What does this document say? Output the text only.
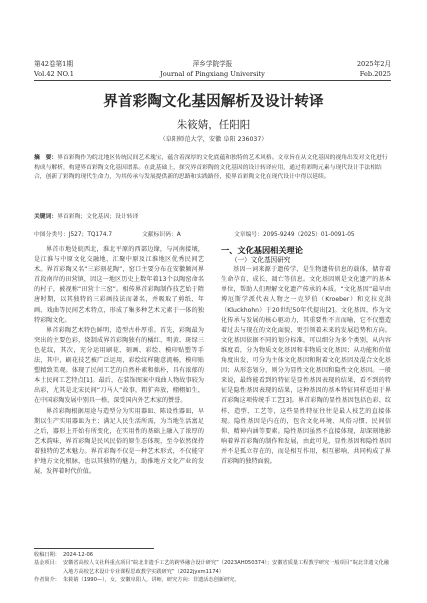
第42卷第1期	萍乡学院学报	2025年2月
Vol.42 NO.1	Journal of Pingxiang University	Feb.2025
界首彩陶文化基因解析及设计转译
朱筱婧，任阳阳
（阜阳师范大学，安徽 阜阳 236037）
摘　要：界首彩陶作为皖北地区传统民间艺术瑰宝，蕴含着深厚的文化底蕴和独特的艺术风格。文章旨在从文化基因的视角出发对文化进行构成与解析，构建界首彩陶文化基因谱系。在此基础上，探究界首彩陶的文化基因的设计转译应用，通过将彩陶元素与现代设计手法相结合，创新了彩陶的现代生命力，为其传承与发展提供新的思路和实践路径，使界首彩陶文化在现代设计中得以延续。
关键词：界首彩陶；文化基因；设计转译
中图分类号：J527；TQ174.7	文献标识码：A	文章编号：2095-9249（2025）01-0091-05

界首市地处皖西北，淮北平原的西部边缘，与河南接壤，是江淮与中原文化交融地，汇聚中原及江淮地区优秀民间艺术。界首彩陶又名“三彩刻花陶”，窑口主要分布在安徽颍河界首段南岸的田营镇，因这一地区历史上数年着13个以陶窑命名的村子，被视称“田营十三窑”。相传界首彩陶制作技艺始于隋唐时期，以其独特的三彩画技法而著名，并吸取了剪纸、年画、戏曲等民间艺术特点，形成了集多种艺术元素于一体的独特彩陶文化。

界首彩陶艺术特色鲜明，造型古朴厚重。首先，彩陶最为突出的主要色彩，烧制成界首彩陶独有的橘红、明黄、斑绿三色花纹，其次，充分运用刷花、刻画、彩绘、模印贴塑等手法，其中，刷花技艺被广泛运用，彩绘纹样随意流畅，模印贴塑精致美观。体现了民间工艺的自然朴素和拙朴，具有浓郁的本土民间工艺特点[1]。最后，在装饰图案中戏曲人物故事较为出彩，尤其是北宋民间“刀马人”故事，粗犷奔放，栩栩如生，在中国彩陶发展中别具一格，深受国内外艺术家的赞誉。

界首彩陶根据用途与造型分为实用器皿、陈设性器皿，早期以生产实用器皿为主；满足人民生活所需，为当地生活富足之后，器形上开始有所变化，在实用性的基础上融入了浓厚的艺术韵味，界首彩陶是民风民俗的原生态体现，至今依然保持着独特的艺术魅力。界首彩陶不仅是一种艺术形式，不仅能守护地方文化根脉，也以其独特的魅力，助推地方文化产业的发展，发挥着时代价值。

一、文化基因相关理论

（一）文化基因研究

基因一词来源于遗传学，是生物遗传信息的载体，储存着生命孕育、成长、凋亡等信息。文化基因则是文化遗产的基本单位，帮助人们理解文化遗产传承的本质。“文化基因”最早由博厄斯学派代表人物之一克罗伯（Kroeber）和克拉克洪（Kluckhohn）于20世纪50年代提出[2]。文化基因，作为文化传承与发展的核心驱动力，其重要性不言而喻，它不仅塑造着过去与现在的文化面貌，更引领着未来的发展趋势和方向。文化基因依据不同的划分标准，可以细分为多个类别，从内容维度看，分为物质文化基因和非物质文化基因；从功能和价值角度出发，可分为主体文化基因和附着文化基因及混合文化基因；从形态划分，则分为显性文化基因和隐性文化基因。一般来说，最终能看到的特征是显性基因表现的结果，看不到的特征是隐性基因表现的结果，这种基因的基本特征同样适用于界首彩陶这项传统手工艺[3]。界首彩陶的显性基因包括色彩、纹样、造型、工艺等，这些显性特征往往是最人枝艺的直接体现。隐性基因是内在的，包含文化环境、风俗习惯、民间信仰、精神内涵等要素。隐性基因虽然不直接体现，却深刻地影响着界首彩陶的制作和发展，由此可见，显性基因和隐性基因并不是孤立存在的，而是相互作用，相互影响，共同构成了界首彩陶的独特面貌。

收稿日期： 2024-12-06
基金项目： 安徽省高校人文社科重点项目“皖北非遗手工艺的跨界融合设计研究”（2023AH050374）；安徽省质量工程教学研究一般项目“皖北非遗文化融入地方高校艺术设计专业课程思政教学实践研究”（2022jyxm1174）
作者简介： 朱筱婧（1990—），女，安徽阜阳人，讲师，研究方向：非遗活态创新研究。
